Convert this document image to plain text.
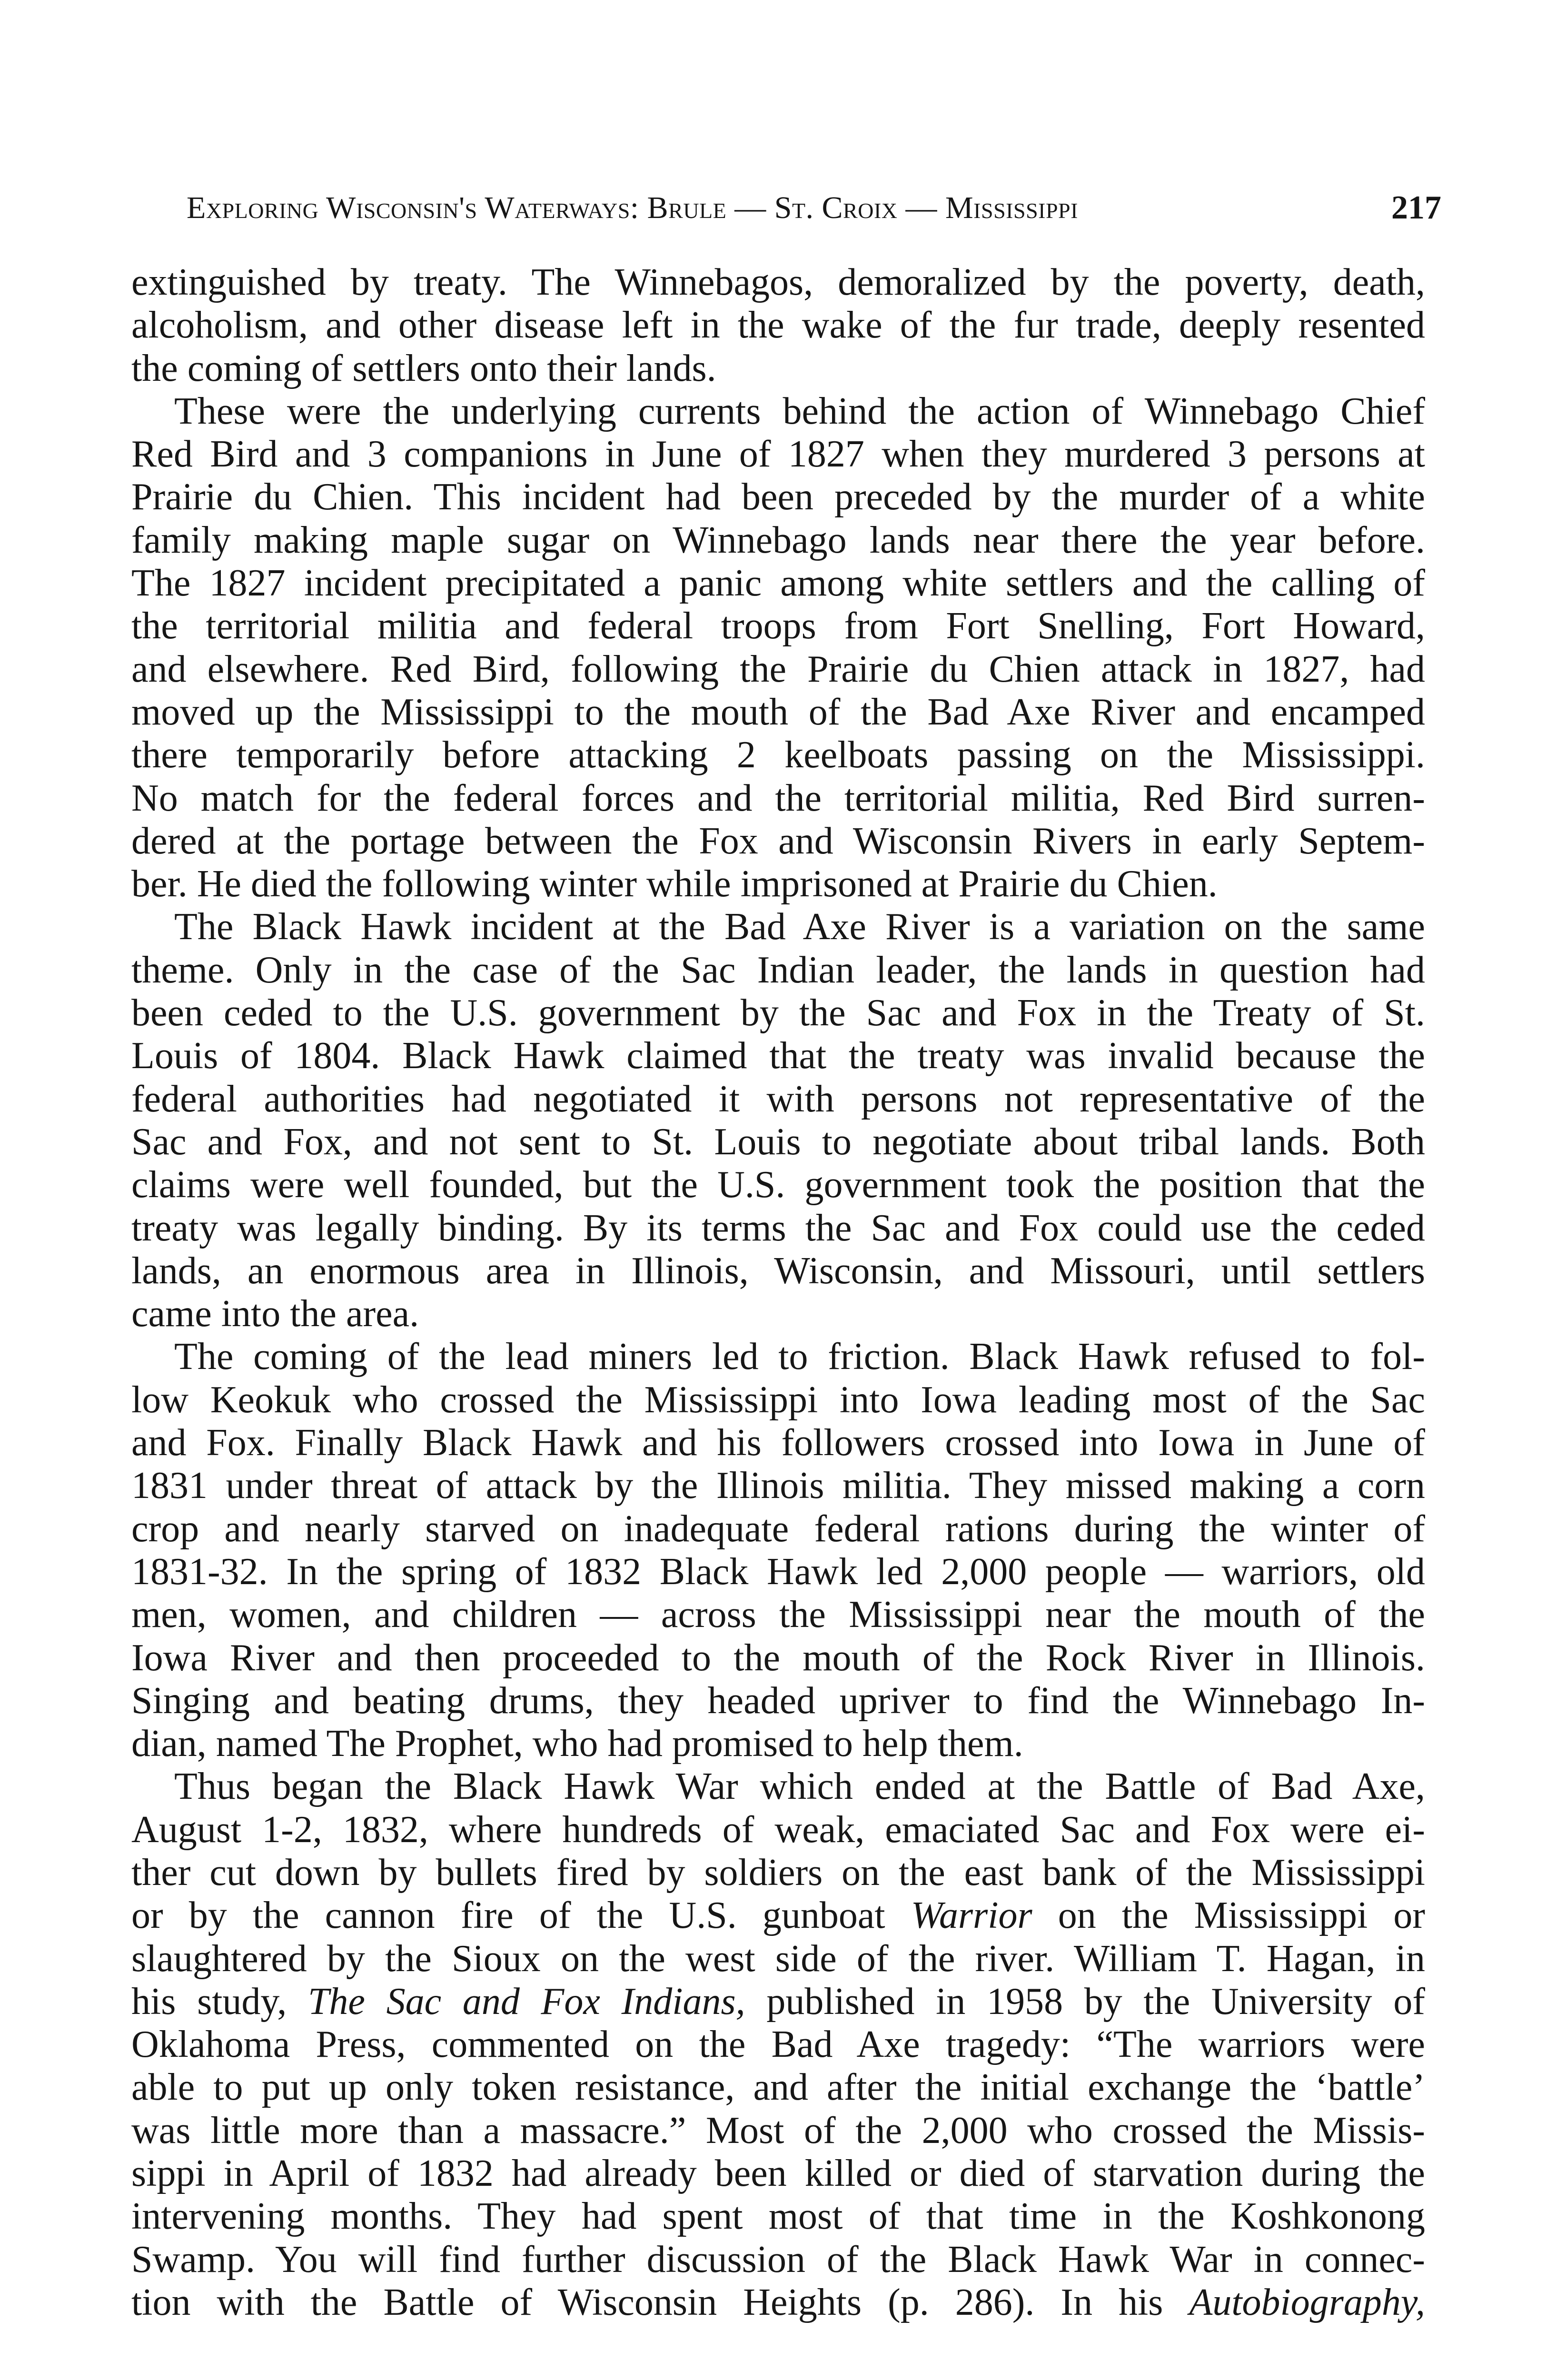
Exploring Wisconsin's Waterways: Brule — St. Croix — Mississippi	217

extinguished by treaty. The Winnebagos, demoralized by the poverty, death,
alcoholism, and other disease left in the wake of the fur trade, deeply resented
the coming of settlers onto their lands.

These were the underlying currents behind the action of Winnebago Chief
Red Bird and 3 companions in June of 1827 when they murdered 3 persons at
Prairie du Chien. This incident had been preceded by the murder of a white
family making maple sugar on Winnebago lands near there the year before.
The 1827 incident precipitated a panic among white settlers and the calling of
the territorial militia and federal troops from Fort Snelling, Fort Howard,
and elsewhere. Red Bird, following the Prairie du Chien attack in 1827, had
moved up the Mississippi to the mouth of the Bad Axe River and encamped
there temporarily before attacking 2 keelboats passing on the Mississippi.
No match for the federal forces and the territorial militia, Red Bird surren-
dered at the portage between the Fox and Wisconsin Rivers in early Septem-
ber. He died the following winter while imprisoned at Prairie du Chien.

The Black Hawk incident at the Bad Axe River is a variation on the same
theme. Only in the case of the Sac Indian leader, the lands in question had
been ceded to the U.S. government by the Sac and Fox in the Treaty of St.
Louis of 1804. Black Hawk claimed that the treaty was invalid because the
federal authorities had negotiated it with persons not representative of the
Sac and Fox, and not sent to St. Louis to negotiate about tribal lands. Both
claims were well founded, but the U.S. government took the position that the
treaty was legally binding. By its terms the Sac and Fox could use the ceded
lands, an enormous area in Illinois, Wisconsin, and Missouri, until settlers
came into the area.

The coming of the lead miners led to friction. Black Hawk refused to fol-
low Keokuk who crossed the Mississippi into Iowa leading most of the Sac
and Fox. Finally Black Hawk and his followers crossed into Iowa in June of
1831 under threat of attack by the Illinois militia. They missed making a corn
crop and nearly starved on inadequate federal rations during the winter of
1831-32. In the spring of 1832 Black Hawk led 2,000 people — warriors, old
men, women, and children — across the Mississippi near the mouth of the
Iowa River and then proceeded to the mouth of the Rock River in Illinois.
Singing and beating drums, they headed upriver to find the Winnebago In-
dian, named The Prophet, who had promised to help them.

Thus began the Black Hawk War which ended at the Battle of Bad Axe,
August 1-2, 1832, where hundreds of weak, emaciated Sac and Fox were ei-
ther cut down by bullets fired by soldiers on the east bank of the Mississippi
or by the cannon fire of the U.S. gunboat Warrior on the Mississippi or
slaughtered by the Sioux on the west side of the river. William T. Hagan, in
his study, The Sac and Fox Indians, published in 1958 by the University of
Oklahoma Press, commented on the Bad Axe tragedy: “The warriors were
able to put up only token resistance, and after the initial exchange the ‘battle’
was little more than a massacre.” Most of the 2,000 who crossed the Missis-
sippi in April of 1832 had already been killed or died of starvation during the
intervening months. They had spent most of that time in the Koshkonong
Swamp. You will find further discussion of the Black Hawk War in connec-
tion with the Battle of Wisconsin Heights (p. 286). In his Autobiography,
